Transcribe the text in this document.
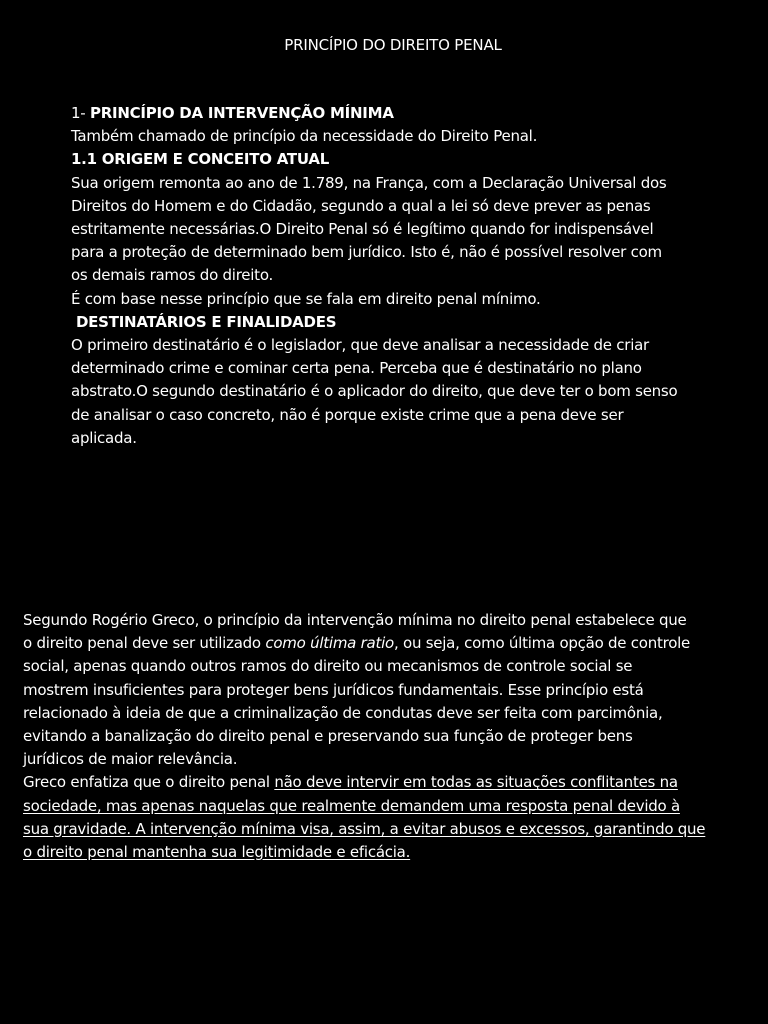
PRINCÍPIO DO DIREITO PENAL
1- PRINCÍPIO DA INTERVENÇÃO MÍNIMA
Também chamado de princípio da necessidade do Direito Penal.
1.1 ORIGEM E CONCEITO ATUAL
Sua origem remonta ao ano de 1.789, na França, com a Declaração Universal dos
Direitos do Homem e do Cidadão, segundo a qual a lei só deve prever as penas
estritamente necessárias.O Direito Penal só é legítimo quando for indispensável
para a proteção de determinado bem jurídico. Isto é, não é possível resolver com
os demais ramos do direito.
É com base nesse princípio que se fala em direito penal mínimo.
DESTINATÁRIOS E FINALIDADES
O primeiro destinatário é o legislador, que deve analisar a necessidade de criar
determinado crime e cominar certa pena. Perceba que é destinatário no plano
abstrato.O segundo destinatário é o aplicador do direito, que deve ter o bom senso
de analisar o caso concreto, não é porque existe crime que a pena deve ser
aplicada.
Segundo Rogério Greco, o princípio da intervenção mínima no direito penal estabelece que
o direito penal deve ser utilizado como última ratio, ou seja, como última opção de controle
social, apenas quando outros ramos do direito ou mecanismos de controle social se
mostrem insuficientes para proteger bens jurídicos fundamentais. Esse princípio está
relacionado à ideia de que a criminalização de condutas deve ser feita com parcimônia,
evitando a banalização do direito penal e preservando sua função de proteger bens
jurídicos de maior relevância.
Greco enfatiza que o direito penal não deve intervir em todas as situações conflitantes na
sociedade, mas apenas naquelas que realmente demandem uma resposta penal devido à
sua gravidade. A intervenção mínima visa, assim, a evitar abusos e excessos, garantindo que
o direito penal mantenha sua legitimidade e eficácia.
